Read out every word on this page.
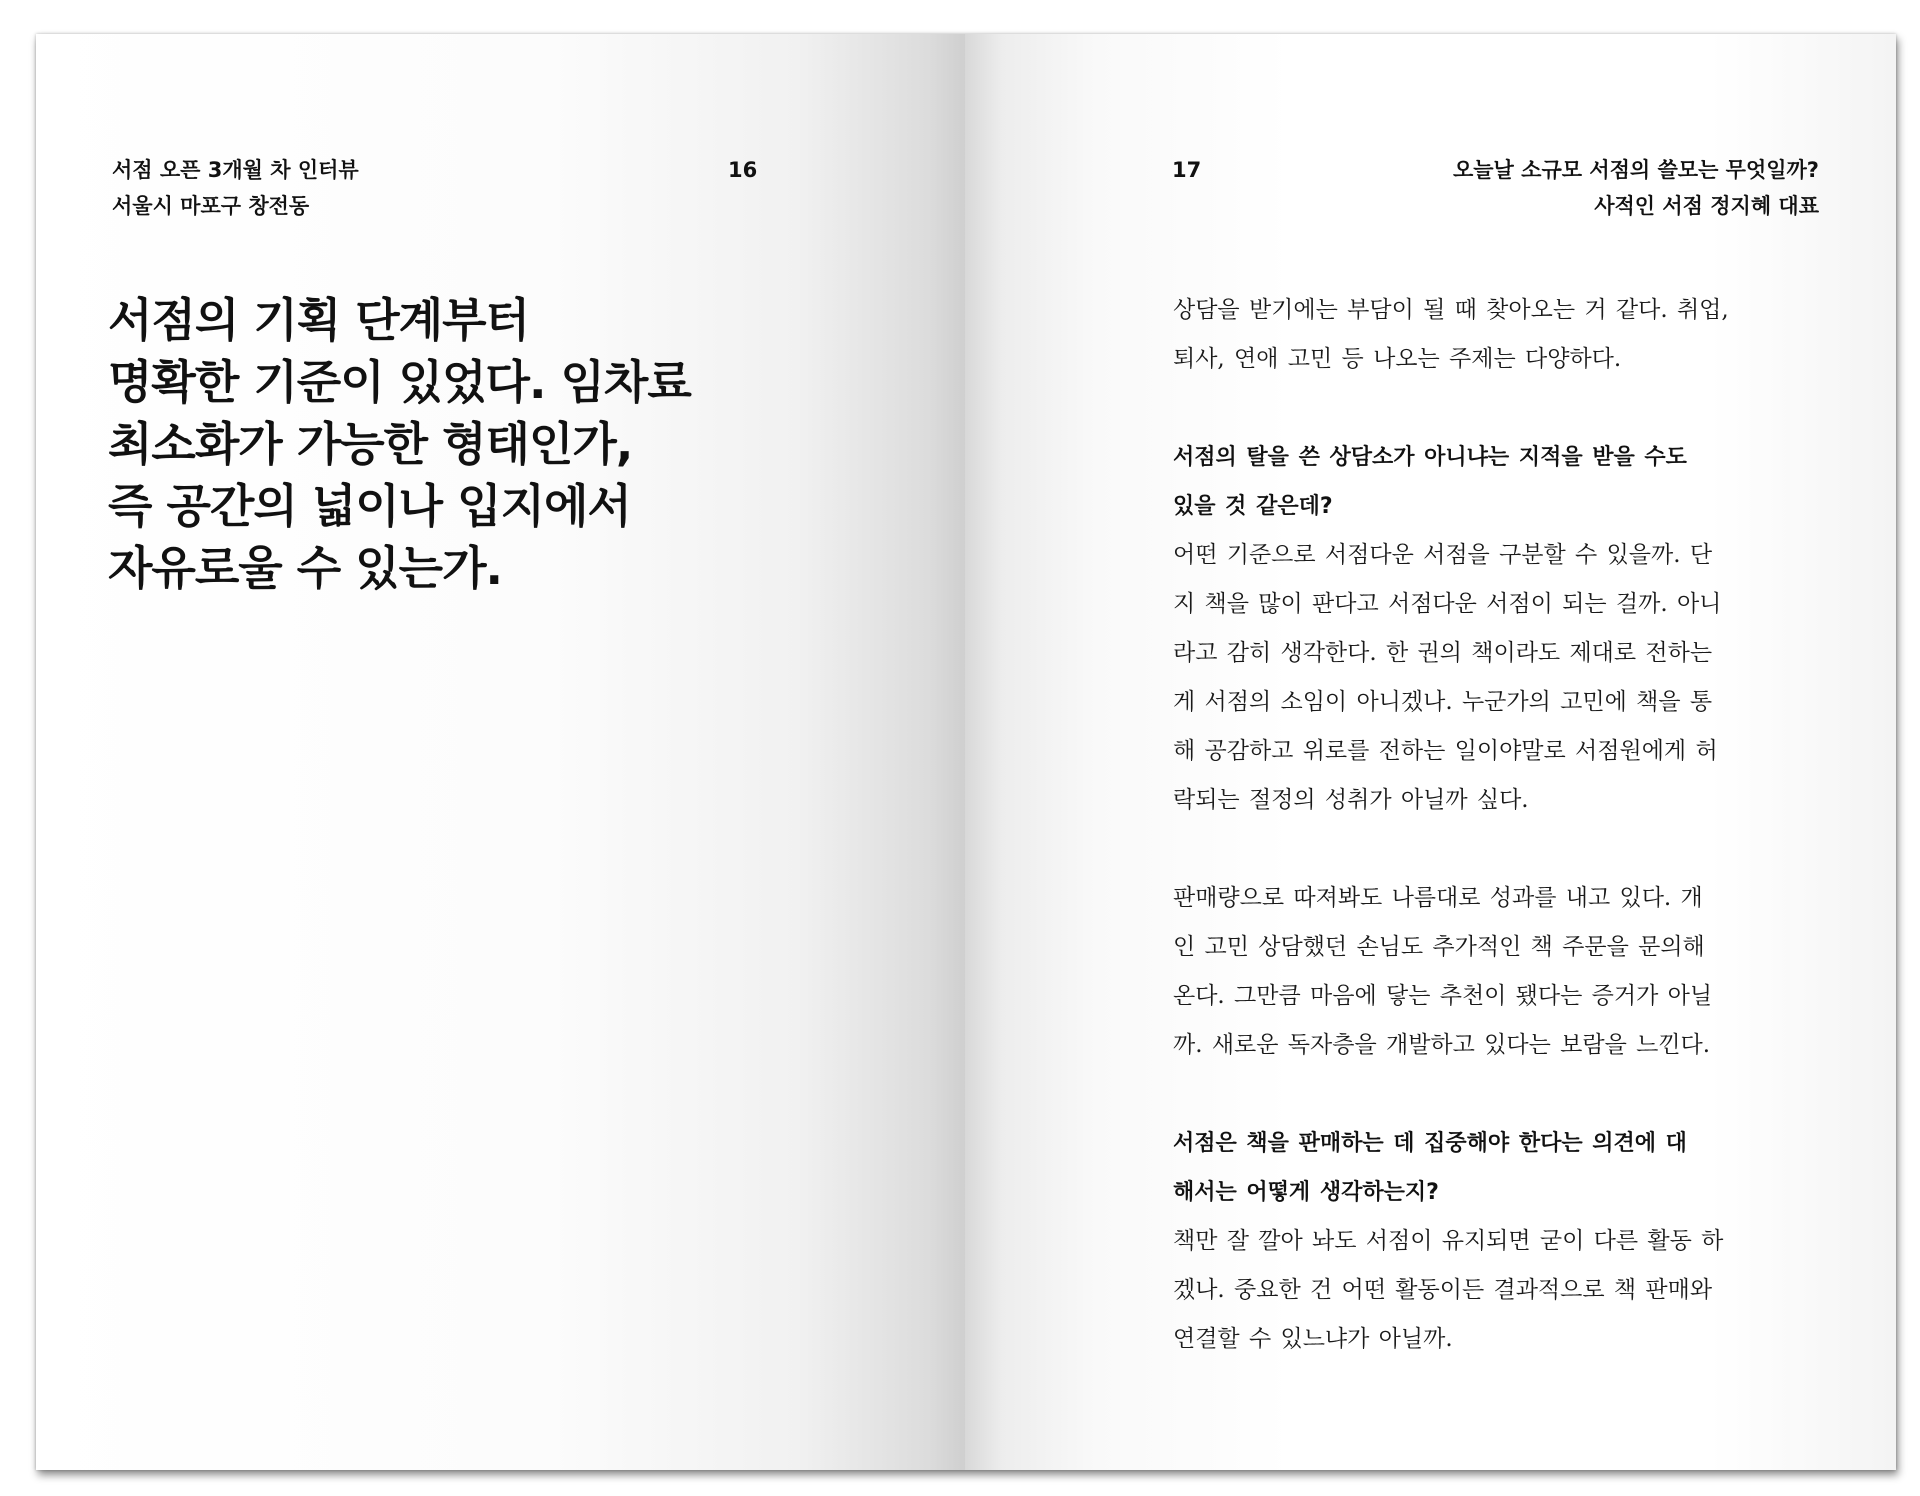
서점 오픈 3개월 차 인터뷰
서울시 마포구 창전동
16
서점의 기획 단계부터
명확한 기준이 있었다. 임차료
최소화가 가능한 형태인가,
즉 공간의 넓이나 입지에서
자유로울 수 있는가.
17	오늘날 소규모 서점의 쓸모는 무엇일까?
사적인 서점 정지혜 대표
상담을 받기에는 부담이 될 때 찾아오는 거 같다. 취업,
퇴사, 연애 고민 등 나오는 주제는 다양하다.
서점의 탈을 쓴 상담소가 아니냐는 지적을 받을 수도
있을 것 같은데?
어떤 기준으로 서점다운 서점을 구분할 수 있을까. 단
지 책을 많이 판다고 서점다운 서점이 되는 걸까. 아니
라고 감히 생각한다. 한 권의 책이라도 제대로 전하는
게 서점의 소임이 아니겠나. 누군가의 고민에 책을 통
해 공감하고 위로를 전하는 일이야말로 서점원에게 허
락되는 절정의 성취가 아닐까 싶다.
판매량으로 따져봐도 나름대로 성과를 내고 있다. 개
인 고민 상담했던 손님도 추가적인 책 주문을 문의해
온다. 그만큼 마음에 닿는 추천이 됐다는 증거가 아닐
까. 새로운 독자층을 개발하고 있다는 보람을 느낀다.
서점은 책을 판매하는 데 집중해야 한다는 의견에 대
해서는 어떻게 생각하는지?
책만 잘 깔아 놔도 서점이 유지되면 굳이 다른 활동 하
겠나. 중요한 건 어떤 활동이든 결과적으로 책 판매와
연결할 수 있느냐가 아닐까.
